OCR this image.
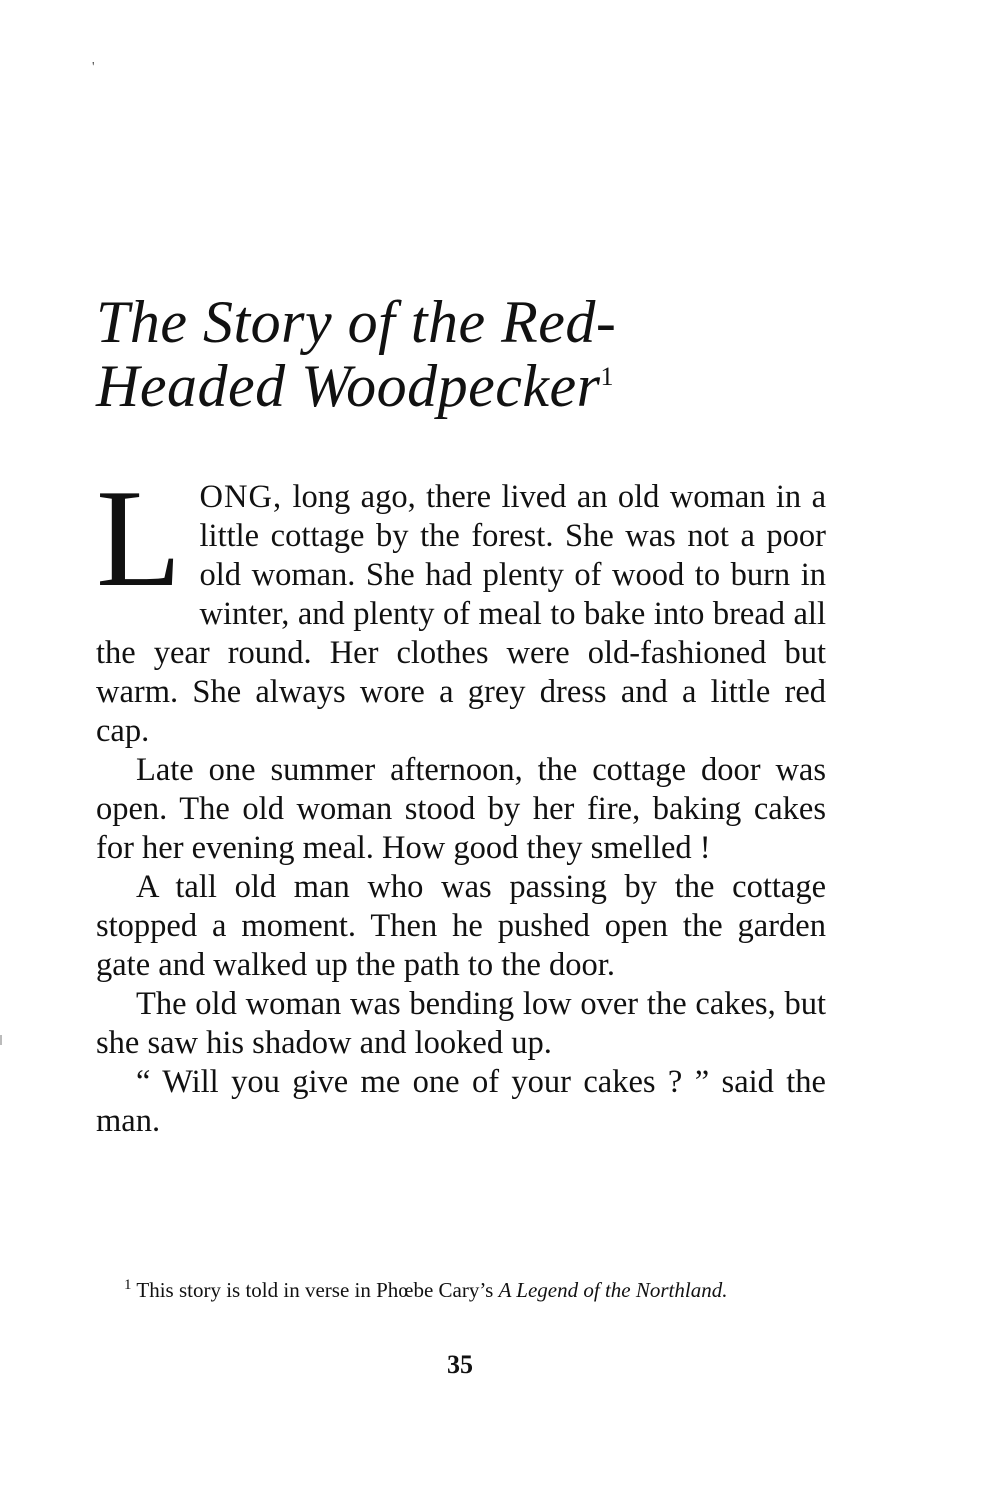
'
The Story of the Red-
Headed Woodpecker$^1$

LONG, long ago, there lived an old woman in a little cottage by the forest. She was not a poor old woman. She had plenty of wood to burn in winter, and plenty of meal to bake into bread all the year round. Her clothes were old-fashioned but warm. She always wore a grey dress and a little red cap.

Late one summer afternoon, the cottage door was open. The old woman stood by her fire, baking cakes for her evening meal. How good they smelled !

A tall old man who was passing by the cottage stopped a moment. Then he pushed open the garden gate and walked up the path to the door.

The old woman was bending low over the cakes, but she saw his shadow and looked up.

“ Will you give me one of your cakes ? ” said the man.

$^1$ This story is told in verse in Phœbe Cary’s A Legend of the Northland.

35
